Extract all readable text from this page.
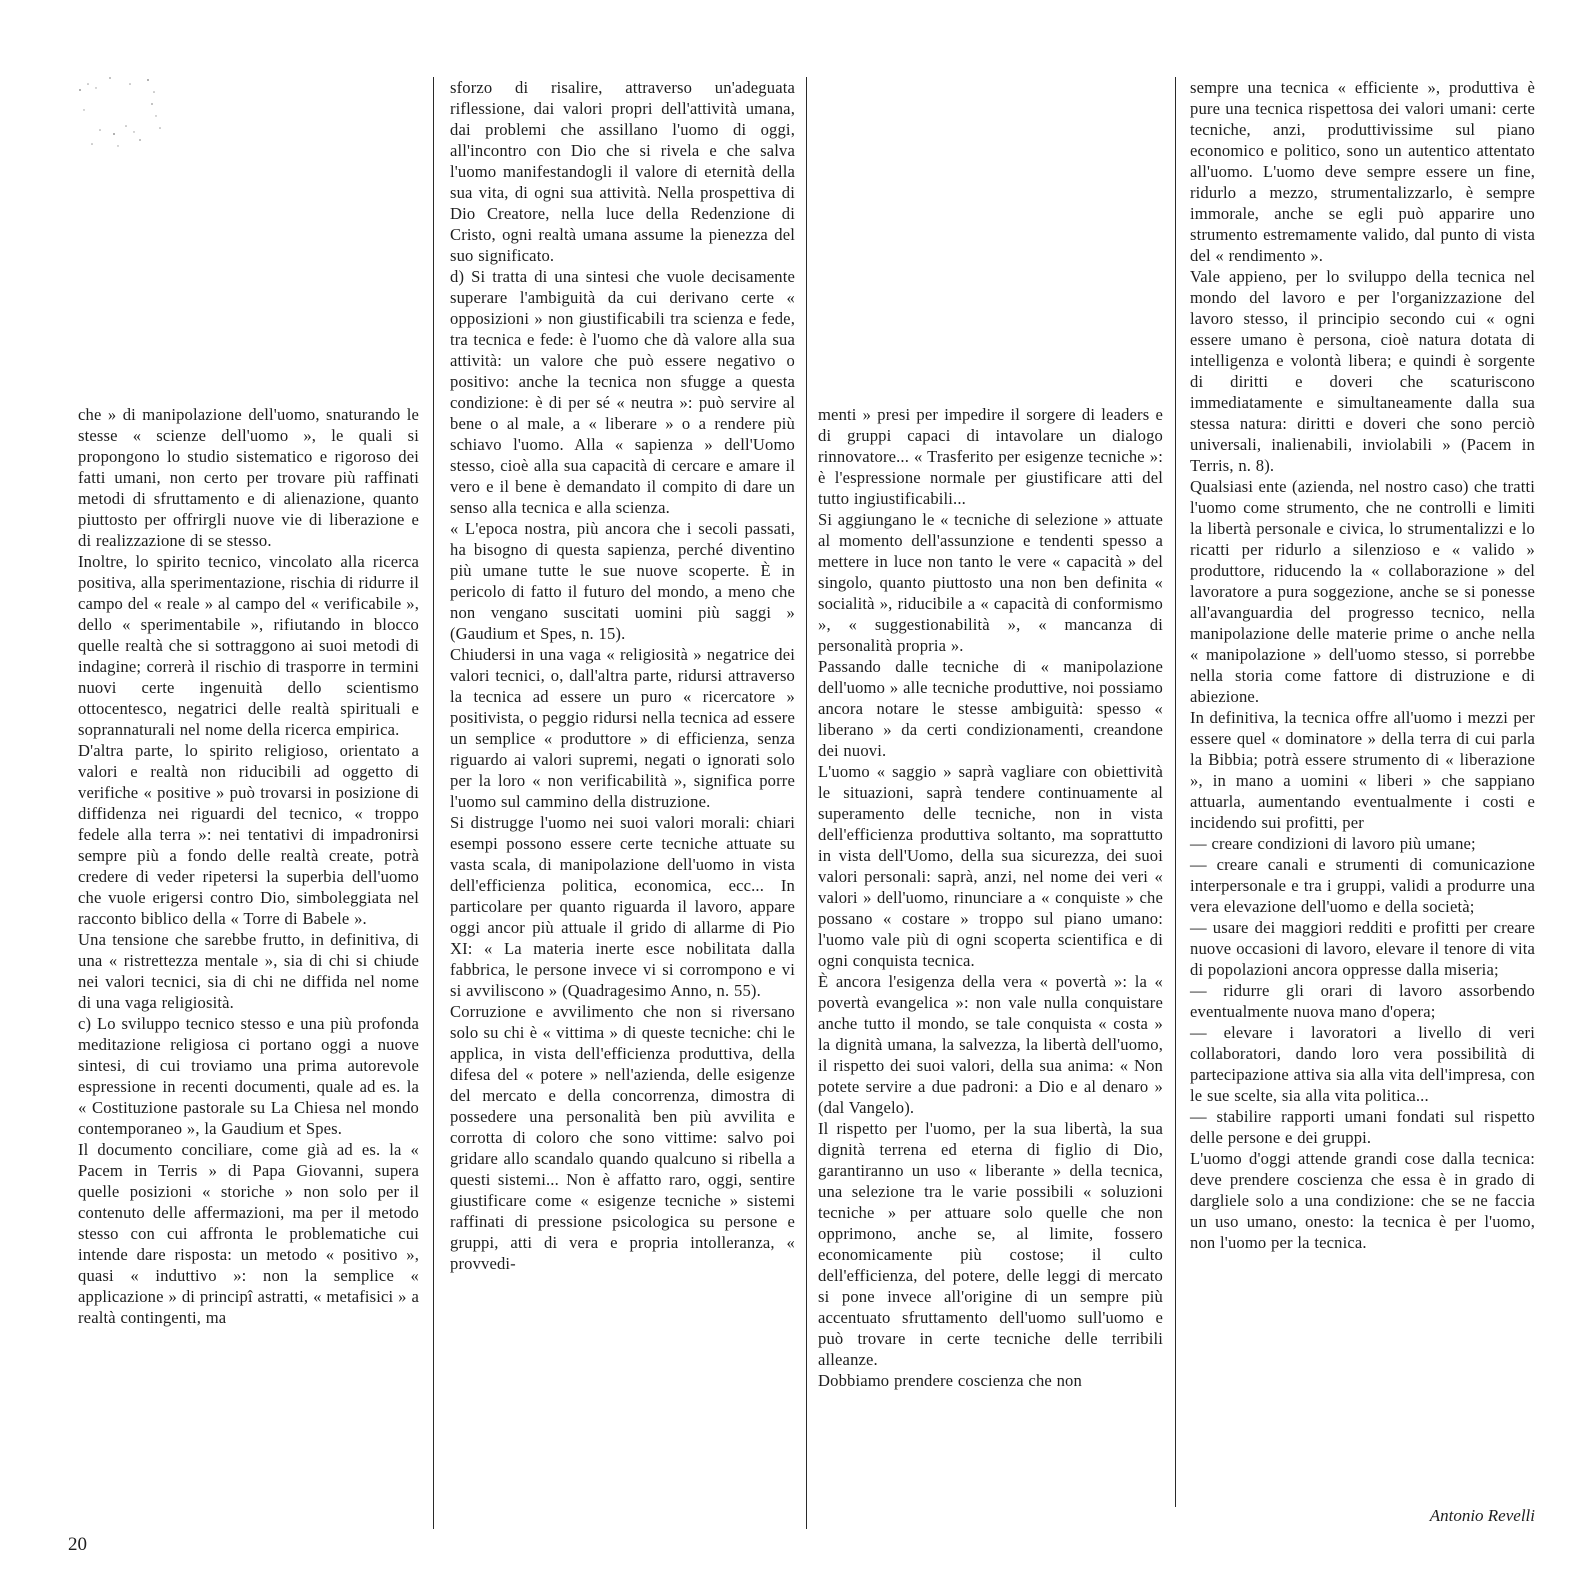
che » di manipolazione dell'uomo, snaturando le stesse « scienze dell'uomo », le quali si propongono lo studio sistematico e rigoroso dei fatti umani, non certo per trovare più raffinati metodi di sfruttamento e di alienazione, quanto piuttosto per offrirgli nuove vie di liberazione e di realizzazione di se stesso.

Inoltre, lo spirito tecnico, vincolato alla ricerca positiva, alla sperimentazione, rischia di ridurre il campo del « reale » al campo del « verificabile », dello « sperimentabile », rifiutando in blocco quelle realtà che si sottraggono ai suoi metodi di indagine; correrà il rischio di trasporre in termini nuovi certe ingenuità dello scientismo ottocentesco, negatrici delle realtà spirituali e soprannaturali nel nome della ricerca empirica.

D'altra parte, lo spirito religioso, orientato a valori e realtà non riducibili ad oggetto di verifiche « positive » può trovarsi in posizione di diffidenza nei riguardi del tecnico, « troppo fedele alla terra »: nei tentativi di impadronirsi sempre più a fondo delle realtà create, potrà credere di veder ripetersi la superbia dell'uomo che vuole erigersi contro Dio, simboleggiata nel racconto biblico della « Torre di Babele ».

Una tensione che sarebbe frutto, in definitiva, di una « ristrettezza mentale », sia di chi si chiude nei valori tecnici, sia di chi ne diffida nel nome di una vaga religiosità.

c) Lo sviluppo tecnico stesso e una più profonda meditazione religiosa ci portano oggi a nuove sintesi, di cui troviamo una prima autorevole espressione in recenti documenti, quale ad es. la « Costituzione pastorale su La Chiesa nel mondo contemporaneo », la Gaudium et Spes.

Il documento conciliare, come già ad es. la « Pacem in Terris » di Papa Giovanni, supera quelle posizioni « storiche » non solo per il contenuto delle affermazioni, ma per il metodo stesso con cui affronta le problematiche cui intende dare risposta: un metodo « positivo », quasi « induttivo »: non la semplice « applicazione » di principî astratti, « metafisici » a realtà contingenti, ma

sforzo di risalire, attraverso un'adeguata riflessione, dai valori propri dell'attività umana, dai problemi che assillano l'uomo di oggi, all'incontro con Dio che si rivela e che salva l'uomo manifestandogli il valore di eternità della sua vita, di ogni sua attività. Nella prospettiva di Dio Creatore, nella luce della Redenzione di Cristo, ogni realtà umana assume la pienezza del suo significato.

d) Si tratta di una sintesi che vuole decisamente superare l'ambiguità da cui derivano certe « opposizioni » non giustificabili tra scienza e fede, tra tecnica e fede: è l'uomo che dà valore alla sua attività: un valore che può essere negativo o positivo: anche la tecnica non sfugge a questa condizione: è di per sé « neutra »: può servire al bene o al male, a « liberare » o a rendere più schiavo l'uomo. Alla « sapienza » dell'Uomo stesso, cioè alla sua capacità di cercare e amare il vero e il bene è demandato il compito di dare un senso alla tecnica e alla scienza.

« L'epoca nostra, più ancora che i secoli passati, ha bisogno di questa sapienza, perché diventino più umane tutte le sue nuove scoperte. È in pericolo di fatto il futuro del mondo, a meno che non vengano suscitati uomini più saggi » (Gaudium et Spes, n. 15).

Chiudersi in una vaga « religiosità » negatrice dei valori tecnici, o, dall'altra parte, ridursi attraverso la tecnica ad essere un puro « ricercatore » positivista, o peggio ridursi nella tecnica ad essere un semplice « produttore » di efficienza, senza riguardo ai valori supremi, negati o ignorati solo per la loro « non verificabilità », significa porre l'uomo sul cammino della distruzione.

Si distrugge l'uomo nei suoi valori morali: chiari esempi possono essere certe tecniche attuate su vasta scala, di manipolazione dell'uomo in vista dell'efficienza politica, economica, ecc... In particolare per quanto riguarda il lavoro, appare oggi ancor più attuale il grido di allarme di Pio XI: « La materia inerte esce nobilitata dalla fabbrica, le persone invece vi si corrompono e vi si avviliscono » (Quadragesimo Anno, n. 55).

Corruzione e avvilimento che non si riversano solo su chi è « vittima » di queste tecniche: chi le applica, in vista dell'efficienza produttiva, della difesa del « potere » nell'azienda, delle esigenze del mercato e della concorrenza, dimostra di possedere una personalità ben più avvilita e corrotta di coloro che sono vittime: salvo poi gridare allo scandalo quando qualcuno si ribella a questi sistemi... Non è affatto raro, oggi, sentire giustificare come « esigenze tecniche » sistemi raffinati di pressione psicologica su persone e gruppi, atti di vera e propria intolleranza, « provvedi-

menti » presi per impedire il sorgere di leaders e di gruppi capaci di intavolare un dialogo rinnovatore... « Trasferito per esigenze tecniche »: è l'espressione normale per giustificare atti del tutto ingiustificabili...

Si aggiungano le « tecniche di selezione » attuate al momento dell'assunzione e tendenti spesso a mettere in luce non tanto le vere « capacità » del singolo, quanto piuttosto una non ben definita « socialità », riducibile a « capacità di conformismo », « suggestionabilità », « mancanza di personalità propria ».

Passando dalle tecniche di « manipolazione dell'uomo » alle tecniche produttive, noi possiamo ancora notare le stesse ambiguità: spesso « liberano » da certi condizionamenti, creandone dei nuovi.

L'uomo « saggio » saprà vagliare con obiettività le situazioni, saprà tendere continuamente al superamento delle tecniche, non in vista dell'efficienza produttiva soltanto, ma soprattutto in vista dell'Uomo, della sua sicurezza, dei suoi valori personali: saprà, anzi, nel nome dei veri « valori » dell'uomo, rinunciare a « conquiste » che possano « costare » troppo sul piano umano: l'uomo vale più di ogni scoperta scientifica e di ogni conquista tecnica.

È ancora l'esigenza della vera « povertà »: la « povertà evangelica »: non vale nulla conquistare anche tutto il mondo, se tale conquista « costa » la dignità umana, la salvezza, la libertà dell'uomo, il rispetto dei suoi valori, della sua anima: « Non potete servire a due padroni: a Dio e al denaro » (dal Vangelo).

Il rispetto per l'uomo, per la sua libertà, la sua dignità terrena ed eterna di figlio di Dio, garantiranno un uso « liberante » della tecnica, una selezione tra le varie possibili « soluzioni tecniche » per attuare solo quelle che non opprimono, anche se, al limite, fossero economicamente più costose; il culto dell'efficienza, del potere, delle leggi di mercato si pone invece all'origine di un sempre più accentuato sfruttamento dell'uomo sull'uomo e può trovare in certe tecniche delle terribili alleanze.

Dobbiamo prendere coscienza che non

sempre una tecnica « efficiente », produttiva è pure una tecnica rispettosa dei valori umani: certe tecniche, anzi, produttivissime sul piano economico e politico, sono un autentico attentato all'uomo. L'uomo deve sempre essere un fine, ridurlo a mezzo, strumentalizzarlo, è sempre immorale, anche se egli può apparire uno strumento estremamente valido, dal punto di vista del « rendimento ».

Vale appieno, per lo sviluppo della tecnica nel mondo del lavoro e per l'organizzazione del lavoro stesso, il principio secondo cui « ogni essere umano è persona, cioè natura dotata di intelligenza e volontà libera; e quindi è sorgente di diritti e doveri che scaturiscono immediatamente e simultaneamente dalla sua stessa natura: diritti e doveri che sono perciò universali, inalienabili, inviolabili » (Pacem in Terris, n. 8).

Qualsiasi ente (azienda, nel nostro caso) che tratti l'uomo come strumento, che ne controlli e limiti la libertà personale e civica, lo strumentalizzi e lo ricatti per ridurlo a silenzioso e « valido » produttore, riducendo la « collaborazione » del lavoratore a pura soggezione, anche se si ponesse all'avanguardia del progresso tecnico, nella manipolazione delle materie prime o anche nella « manipolazione » dell'uomo stesso, si porrebbe nella storia come fattore di distruzione e di abiezione.

In definitiva, la tecnica offre all'uomo i mezzi per essere quel « dominatore » della terra di cui parla la Bibbia; potrà essere strumento di « liberazione », in mano a uomini « liberi » che sappiano attuarla, aumentando eventualmente i costi e incidendo sui profitti, per

— creare condizioni di lavoro più umane;

— creare canali e strumenti di comunicazione interpersonale e tra i gruppi, validi a produrre una vera elevazione dell'uomo e della società;

— usare dei maggiori redditi e profitti per creare nuove occasioni di lavoro, elevare il tenore di vita di popolazioni ancora oppresse dalla miseria;

— ridurre gli orari di lavoro assorbendo eventualmente nuova mano d'opera;

— elevare i lavoratori a livello di veri collaboratori, dando loro vera possibilità di partecipazione attiva sia alla vita dell'impresa, con le sue scelte, sia alla vita politica...

— stabilire rapporti umani fondati sul rispetto delle persone e dei gruppi.

L'uomo d'oggi attende grandi cose dalla tecnica: deve prendere coscienza che essa è in grado di dargliele solo a una condizione: che se ne faccia un uso umano, onesto: la tecnica è per l'uomo, non l'uomo per la tecnica.

Antonio Revelli
20
